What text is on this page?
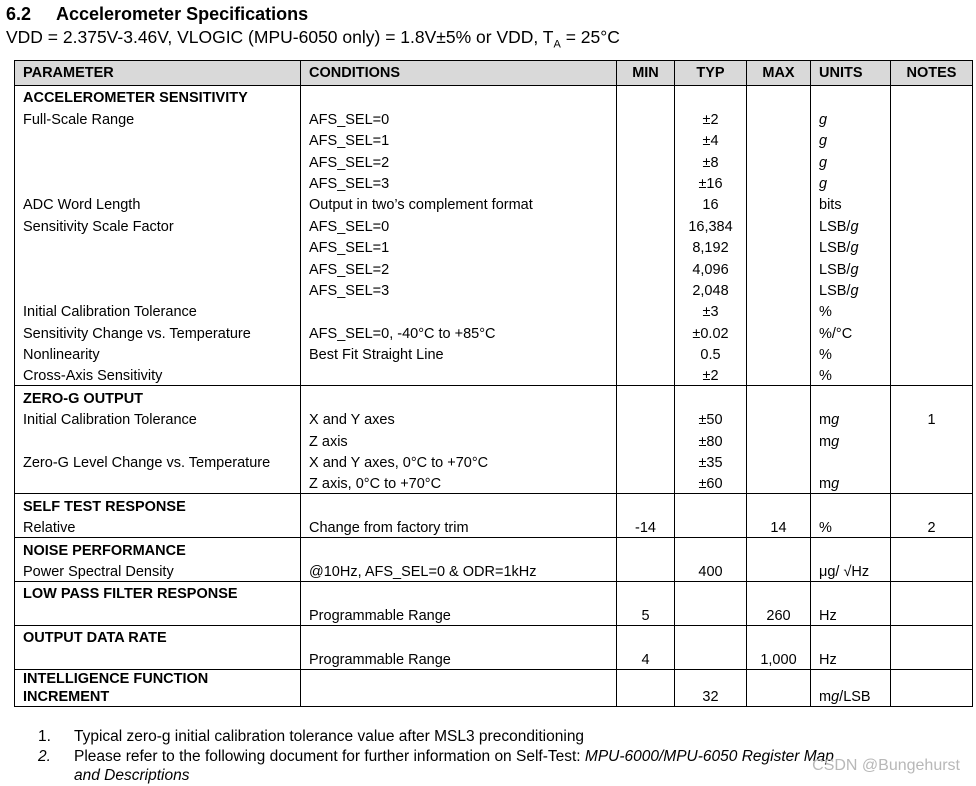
6.2 Accelerometer Specifications
VDD = 2.375V-3.46V, VLOGIC (MPU-6050 only) = 1.8V±5% or VDD, $T_A = 25^\circ C$
PARAMETER	CONDITIONS	MIN	TYP	MAX	UNITS	NOTES
ACCELEROMETER SENSITIVITY						
Full-Scale Range	AFS_SEL=0		±2		g	
	AFS_SEL=1		±4		g	
	AFS_SEL=2		±8		g	
	AFS_SEL=3		±16		g	
ADC Word Length	Output in two’s complement format		16		bits	
Sensitivity Scale Factor	AFS_SEL=0		16,384		LSB/g	
	AFS_SEL=1		8,192		LSB/g	
	AFS_SEL=2		4,096		LSB/g	
	AFS_SEL=3		2,048		LSB/g	
Initial Calibration Tolerance			±3		%	
Sensitivity Change vs. Temperature	AFS_SEL=0, -40°C to +85°C		±0.02		%/°C	
Nonlinearity	Best Fit Straight Line		0.5		%	
Cross-Axis Sensitivity			±2		%	
ZERO-G OUTPUT						
Initial Calibration Tolerance	X and Y axes		±50		mg	1
	Z axis		±80		mg	
Zero-G Level Change vs. Temperature	X and Y axes, 0°C to +70°C		±35			
	Z axis, 0°C to +70°C		±60		mg	
SELF TEST RESPONSE						
Relative	Change from factory trim	-14		14	%	2
NOISE PERFORMANCE						
Power Spectral Density	@10Hz, AFS_SEL=0 & ODR=1kHz		400		μg/ √Hz	
LOW PASS FILTER RESPONSE						
	Programmable Range	5		260	Hz	
OUTPUT DATA RATE						
	Programmable Range	4		1,000	Hz	
INTELLIGENCE FUNCTION INCREMENT			32		mg/LSB	
1. Typical zero-g initial calibration tolerance value after MSL3 preconditioning
2. Please refer to the following document for further information on Self-Test: MPU-6000/MPU-6050 Register Map
and Descriptions
CSDN @Bungehurst
